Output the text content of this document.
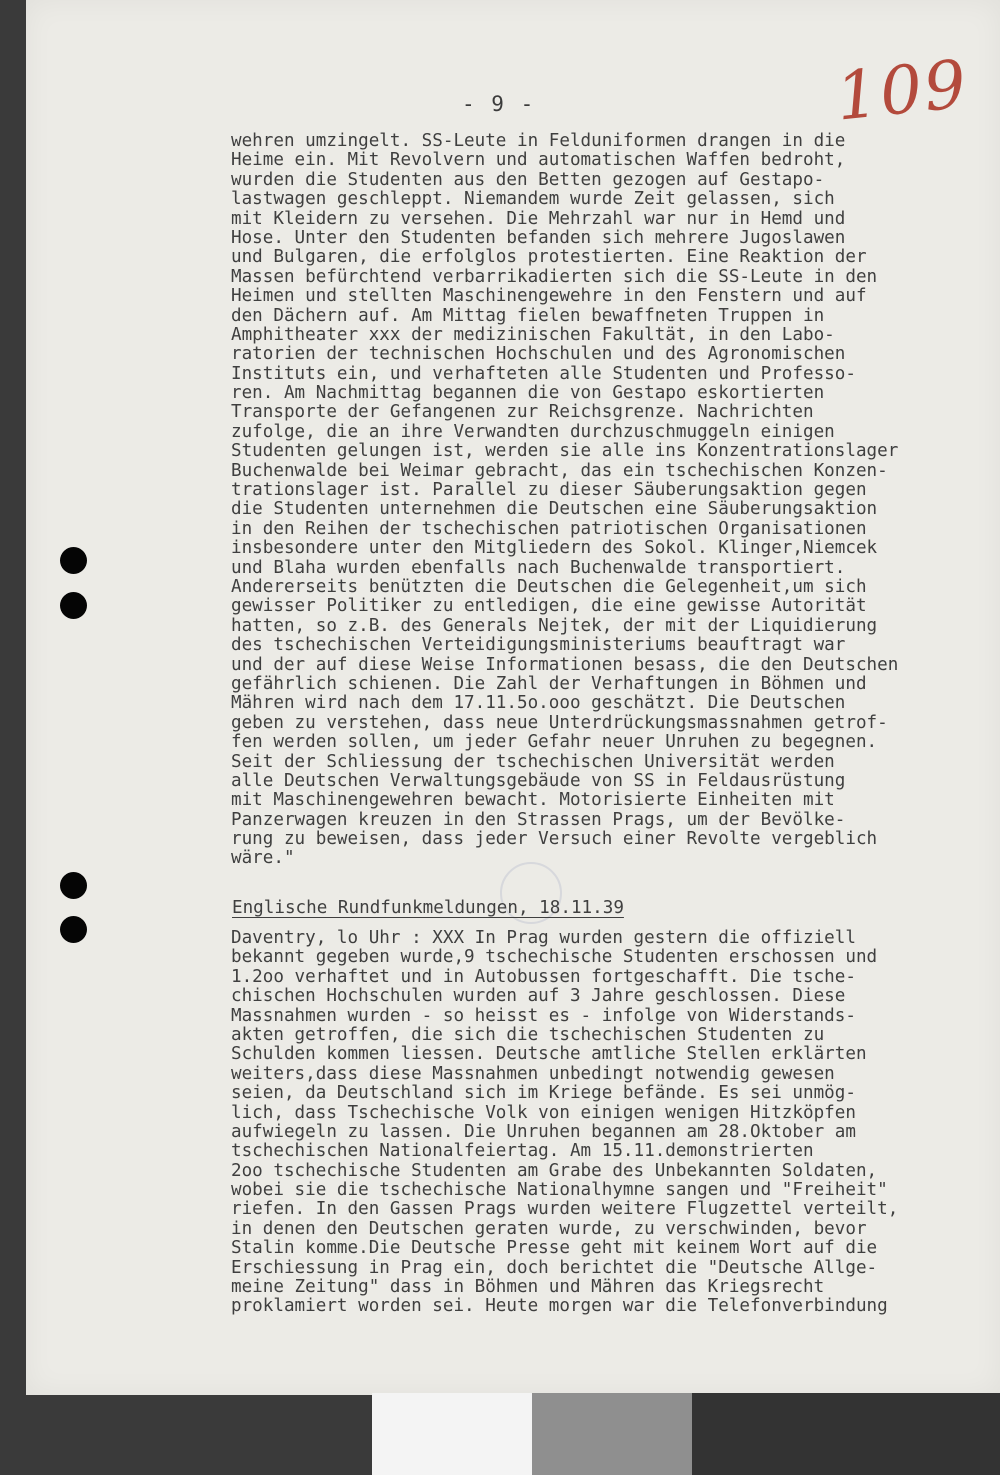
- 9 -	109
wehren umzingelt. SS-Leute in Felduniformen drangen in die
Heime ein. Mit Revolvern und automatischen Waffen bedroht,
wurden die Studenten aus den Betten gezogen auf Gestapo-
lastwagen geschleppt. Niemandem wurde Zeit gelassen, sich
mit Kleidern zu versehen. Die Mehrzahl war nur in Hemd und
Hose. Unter den Studenten befanden sich mehrere Jugoslawen
und Bulgaren, die erfolglos protestierten. Eine Reaktion der
Massen befürchtend verbarrikadierten sich die SS-Leute in den
Heimen und stellten Maschinengewehre in den Fenstern und auf
den Dächern auf. Am Mittag fielen bewaffneten Truppen in
Amphitheater xxx der medizinischen Fakultät, in den Labo-
ratorien der technischen Hochschulen und des Agronomischen
Instituts ein, und verhafteten alle Studenten und Professo-
ren. Am Nachmittag begannen die von Gestapo eskortierten
Transporte der Gefangenen zur Reichsgrenze. Nachrichten
zufolge, die an ihre Verwandten durchzuschmuggeln einigen
Studenten gelungen ist, werden sie alle ins Konzentrationslager
Buchenwalde bei Weimar gebracht, das ein tschechischen Konzen-
trationslager ist. Parallel zu dieser Säuberungsaktion gegen
die Studenten unternehmen die Deutschen eine Säuberungsaktion
in den Reihen der tschechischen patriotischen Organisationen
insbesondere unter den Mitgliedern des Sokol. Klinger,Niemcek
und Blaha wurden ebenfalls nach Buchenwalde transportiert.
Andererseits benützten die Deutschen die Gelegenheit,um sich
gewisser Politiker zu entledigen, die eine gewisse Autorität
hatten, so z.B. des Generals Nejtek, der mit der Liquidierung
des tschechischen Verteidigungsministeriums beauftragt war
und der auf diese Weise Informationen besass, die den Deutschen
gefährlich schienen. Die Zahl der Verhaftungen in Böhmen und
Mähren wird nach dem 17.11.5o.ooo geschätzt. Die Deutschen
geben zu verstehen, dass neue Unterdrückungsmassnahmen getrof-
fen werden sollen, um jeder Gefahr neuer Unruhen zu begegnen.
Seit der Schliessung der tschechischen Universität werden
alle Deutschen Verwaltungsgebäude von SS in Feldausrüstung
mit Maschinengewehren bewacht. Motorisierte Einheiten mit
Panzerwagen kreuzen in den Strassen Prags, um der Bevölke-
rung zu beweisen, dass jeder Versuch einer Revolte vergeblich
wäre."
Englische Rundfunkmeldungen, 18.11.39
Daventry, lo Uhr : XXX In Prag wurden gestern die offiziell
bekannt gegeben wurde,9 tschechische Studenten erschossen und
1.2oo verhaftet und in Autobussen fortgeschafft. Die tsche-
chischen Hochschulen wurden auf 3 Jahre geschlossen. Diese
Massnahmen wurden - so heisst es - infolge von Widerstands-
akten getroffen, die sich die tschechischen Studenten zu
Schulden kommen liessen. Deutsche amtliche Stellen erklärten
weiters,dass diese Massnahmen unbedingt notwendig gewesen
seien, da Deutschland sich im Kriege befände. Es sei unmög-
lich, dass Tschechische Volk von einigen wenigen Hitzköpfen
aufwiegeln zu lassen. Die Unruhen begannen am 28.Oktober am
tschechischen Nationalfeiertag. Am 15.11.demonstrierten
2oo tschechische Studenten am Grabe des Unbekannten Soldaten,
wobei sie die tschechische Nationalhymne sangen und "Freiheit"
riefen. In den Gassen Prags wurden weitere Flugzettel verteilt,
in denen den Deutschen geraten wurde, zu verschwinden, bevor
Stalin komme.Die Deutsche Presse geht mit keinem Wort auf die
Erschiessung in Prag ein, doch berichtet die "Deutsche Allge-
meine Zeitung" dass in Böhmen und Mähren das Kriegsrecht
proklamiert worden sei. Heute morgen war die Telefonverbindung
